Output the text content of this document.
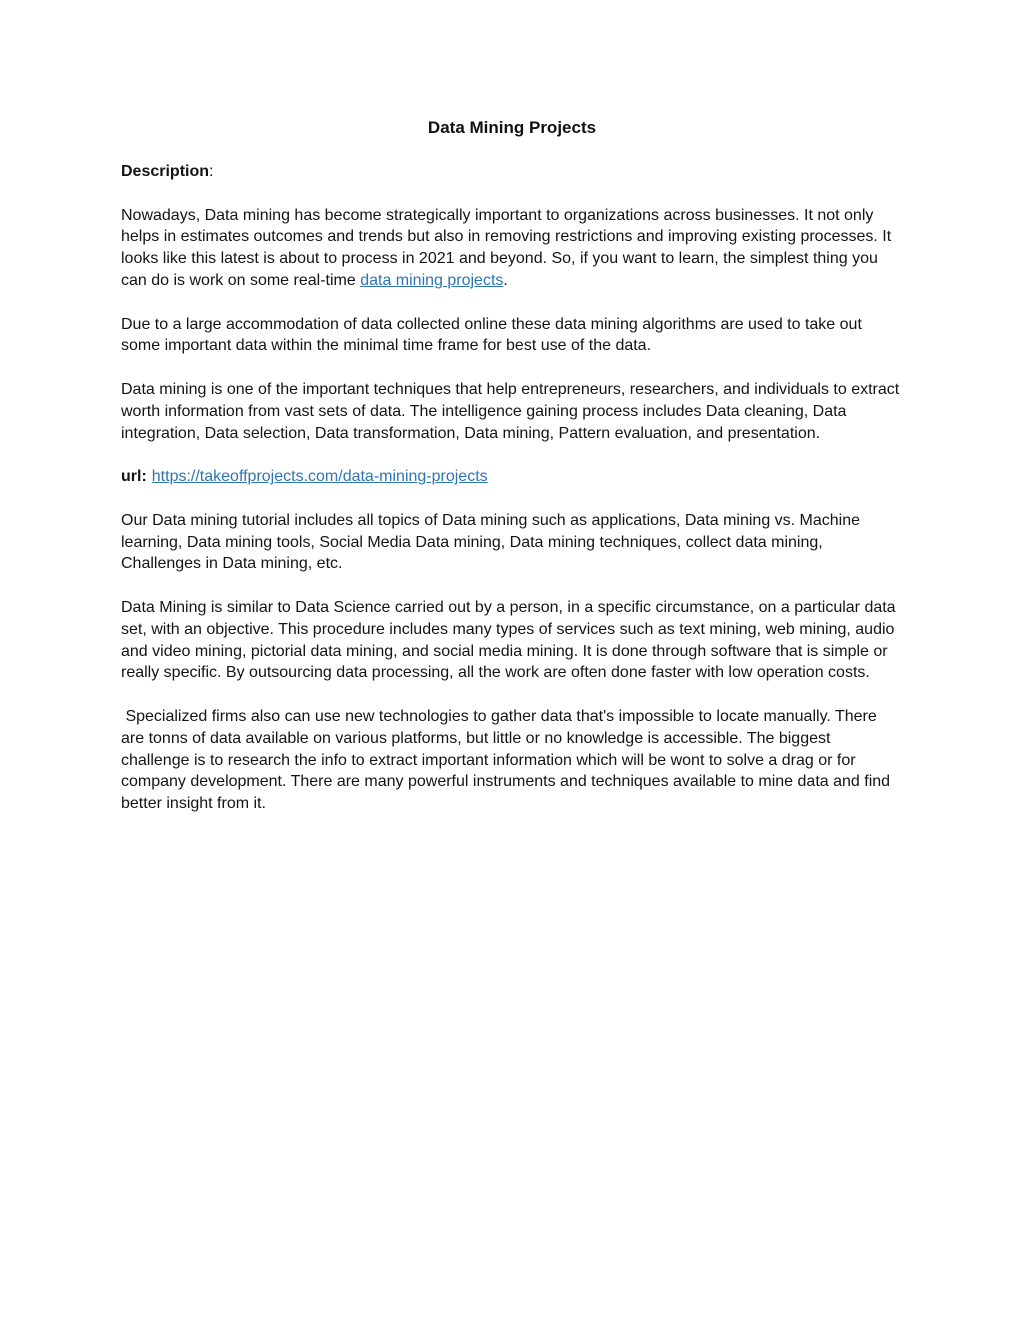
Data Mining Projects

Description:

Nowadays, Data mining has become strategically important to organizations across businesses. It not only helps in estimates outcomes and trends but also in removing restrictions and improving existing processes. It looks like this latest is about to process in 2021 and beyond. So, if you want to learn, the simplest thing you can do is work on some real-time data mining projects.

Due to a large accommodation of data collected online these data mining algorithms are used to take out some important data within the minimal time frame for best use of the data.

Data mining is one of the important techniques that help entrepreneurs, researchers, and individuals to extract worth information from vast sets of data. The intelligence gaining process includes Data cleaning, Data integration, Data selection, Data transformation, Data mining, Pattern evaluation, and presentation.

url: https://takeoffprojects.com/data-mining-projects

Our Data mining tutorial includes all topics of Data mining such as applications, Data mining vs. Machine learning, Data mining tools, Social Media Data mining, Data mining techniques, collect data mining, Challenges in Data mining, etc.

Data Mining is similar to Data Science carried out by a person, in a specific circumstance, on a particular data set, with an objective. This procedure includes many types of services such as text mining, web mining, audio and video mining, pictorial data mining, and social media mining. It is done through software that is simple or really specific. By outsourcing data processing, all the work are often done faster with low operation costs.

Specialized firms also can use new technologies to gather data that's impossible to locate manually. There are tonns of data available on various platforms, but little or no knowledge is accessible. The biggest challenge is to research the info to extract important information which will be wont to solve a drag or for company development. There are many powerful instruments and techniques available to mine data and find better insight from it.
